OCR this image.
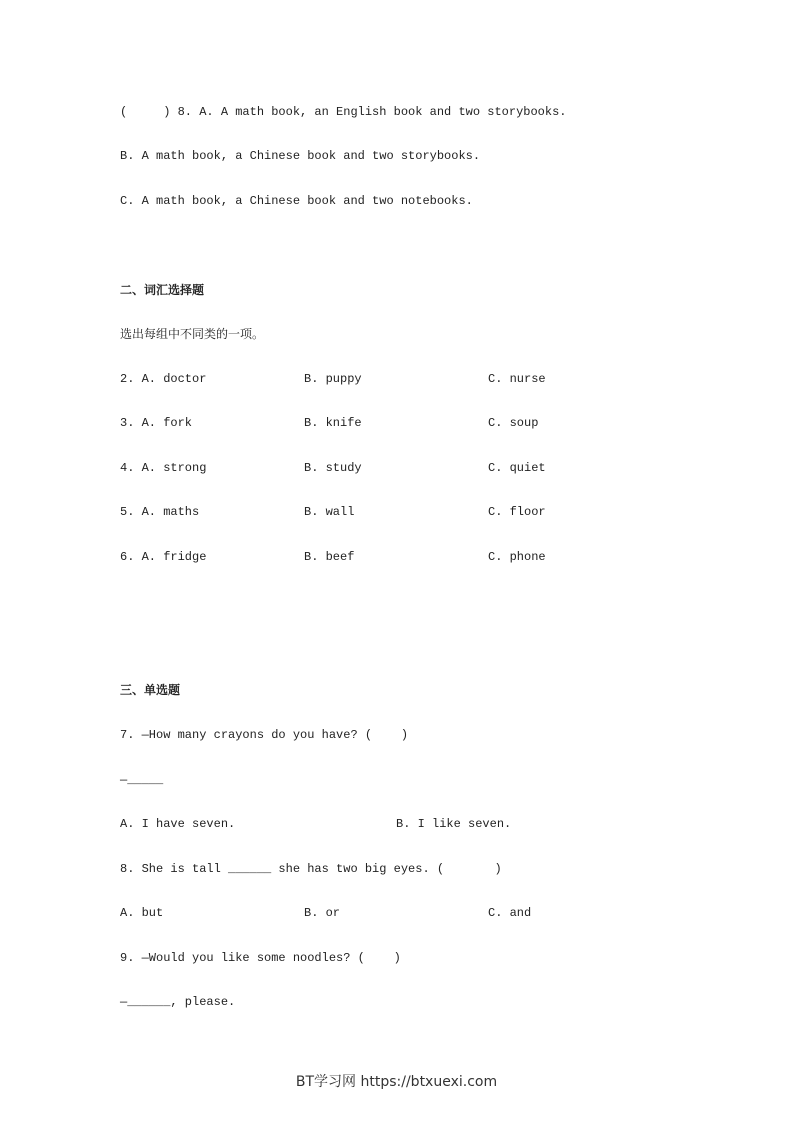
(     ) 8. A. A math book, an English book and two storybooks.
B. A math book, a Chinese book and two storybooks.
C. A math book, a Chinese book and two notebooks.
二、词汇选择题
选出每组中不同类的一项。
2. A. doctor	B. puppy	C. nurse
3. A. fork	B. knife	C. soup
4. A. strong	B. study	C. quiet
5. A. maths	B. wall	C. floor
6. A. fridge	B. beef	C. phone
三、单选题
7. —How many crayons do you have? (    )
—_____
A. I have seven.	B. I like seven.
8. She is tall ______ she has two big eyes. (       )
A. but	B. or	C. and
9. —Would you like some noodles? (    )
—______, please.
BT学习网 https://btxuexi.com
